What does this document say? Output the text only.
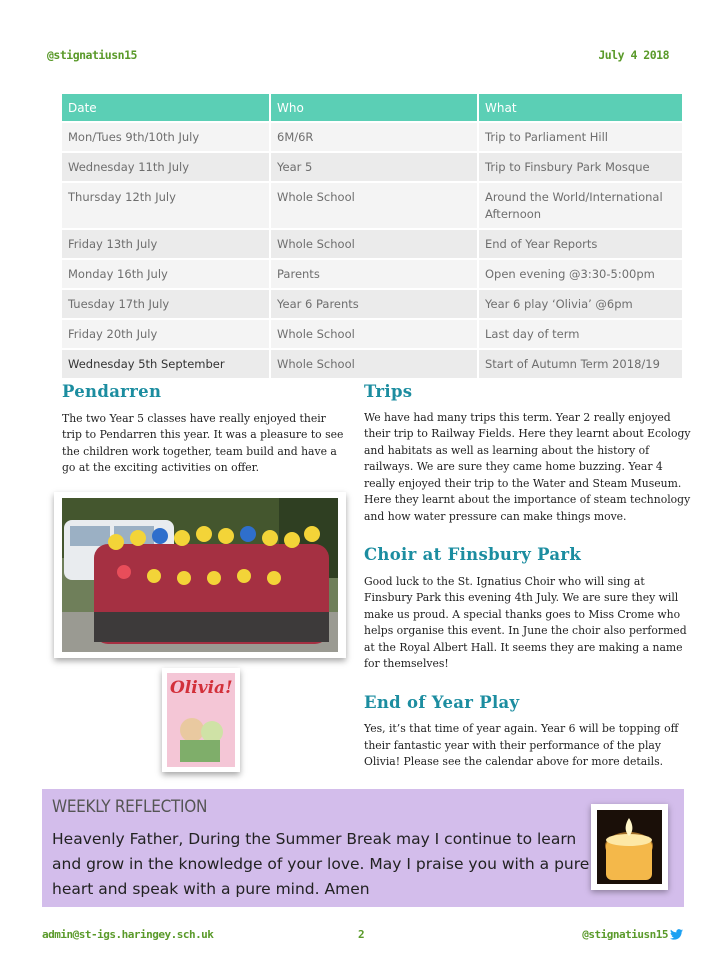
@stignatiusn15	July 4 2018
Date	Who	What
Mon/Tues 9th/10th July	6M/6R	Trip to Parliament Hill
Wednesday 11th July	Year 5	Trip to Finsbury Park Mosque
Thursday 12th July	Whole School	Around the World/International Afternoon
Friday 13th July	Whole School	End of Year Reports
Monday 16th July	Parents	Open evening @3:30-5:00pm
Tuesday 17th July	Year 6 Parents	Year 6 play ‘Olivia’ @6pm
Friday 20th July	Whole School	Last day of term
Wednesday 5th September	Whole School	Start of Autumn Term 2018/19
Pendarren

The two Year 5 classes have really enjoyed their trip to Pendarren this year. It was a pleasure to see the children work together, team build and have a go at the exciting activities on offer.

Olivia!
Trips

We have had many trips this term. Year 2 really enjoyed their trip to Railway Fields. Here they learnt about Ecology and habitats as well as learning about the history of railways. We are sure they came home buzzing. Year 4 really enjoyed their trip to the Water and Steam Museum. Here they learnt about the importance of steam technology and how water pressure can make things move.

Choir at Finsbury Park

Good luck to the St. Ignatius Choir who will sing at Finsbury Park this evening 4th July. We are sure they will make us proud. A special thanks goes to Miss Crome who helps organise this event. In June the choir also performed at the Royal Albert Hall. It seems they are making a name for themselves!

End of Year Play

Yes, it’s that time of year again. Year 6 will be topping off their fantastic year with their performance of the play Olivia! Please see the calendar above for more details.

WEEKLY REFLECTION
Heavenly Father, During the Summer Break may I continue to learn and grow in the knowledge of your love. May I praise you with a pure heart and speak with a pure mind. Amen
admin@st-igs.haringey.sch.uk	2	@stignatiusn15
